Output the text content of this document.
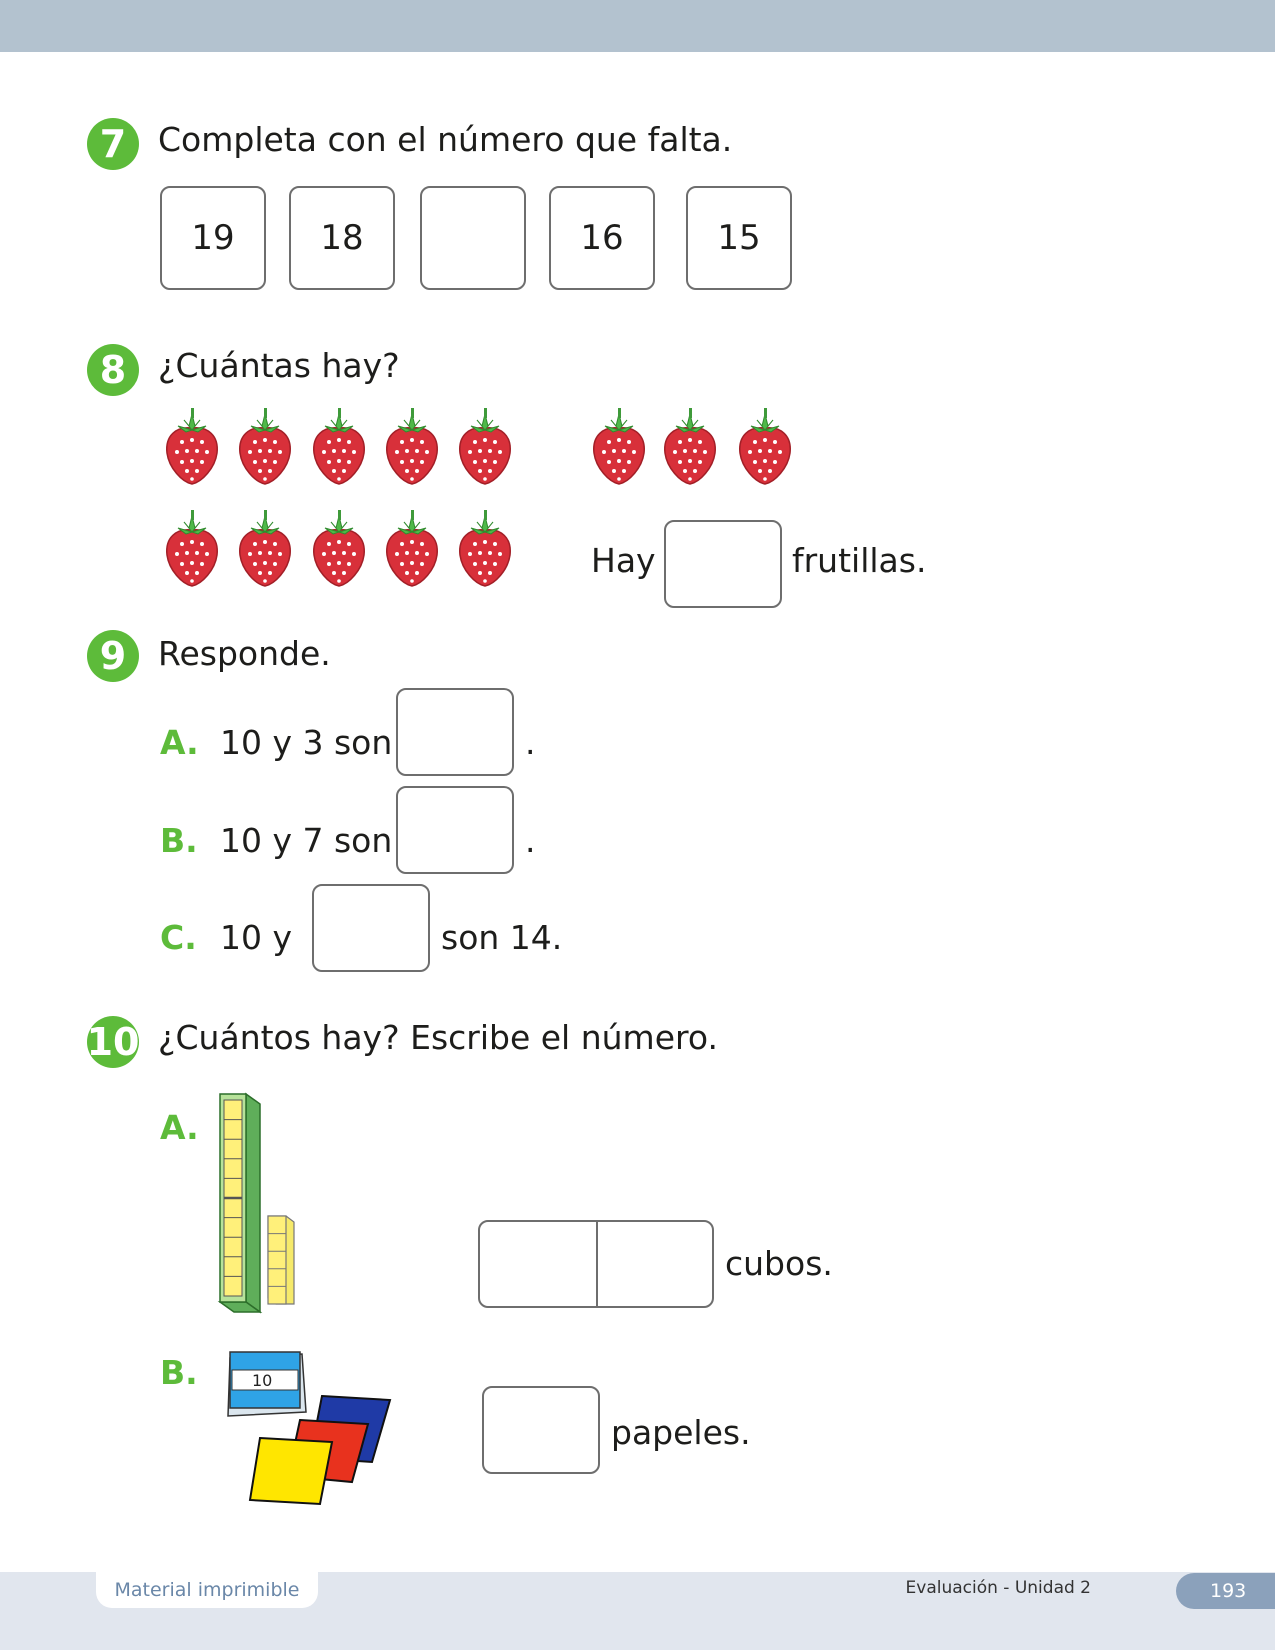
7 Completa con el número que falta.
19	18	16	15
8 ¿Cuántas hay?
Hay	frutillas.
9 Responde.
A. 10 y 3 son	.
B. 10 y 7 son	.
C. 10 y	son 14.
10 ¿Cuántos hay? Escribe el número.
A.
cubos.
B.	10
papeles.
Material imprimible	Evaluación - Unidad 2	193
